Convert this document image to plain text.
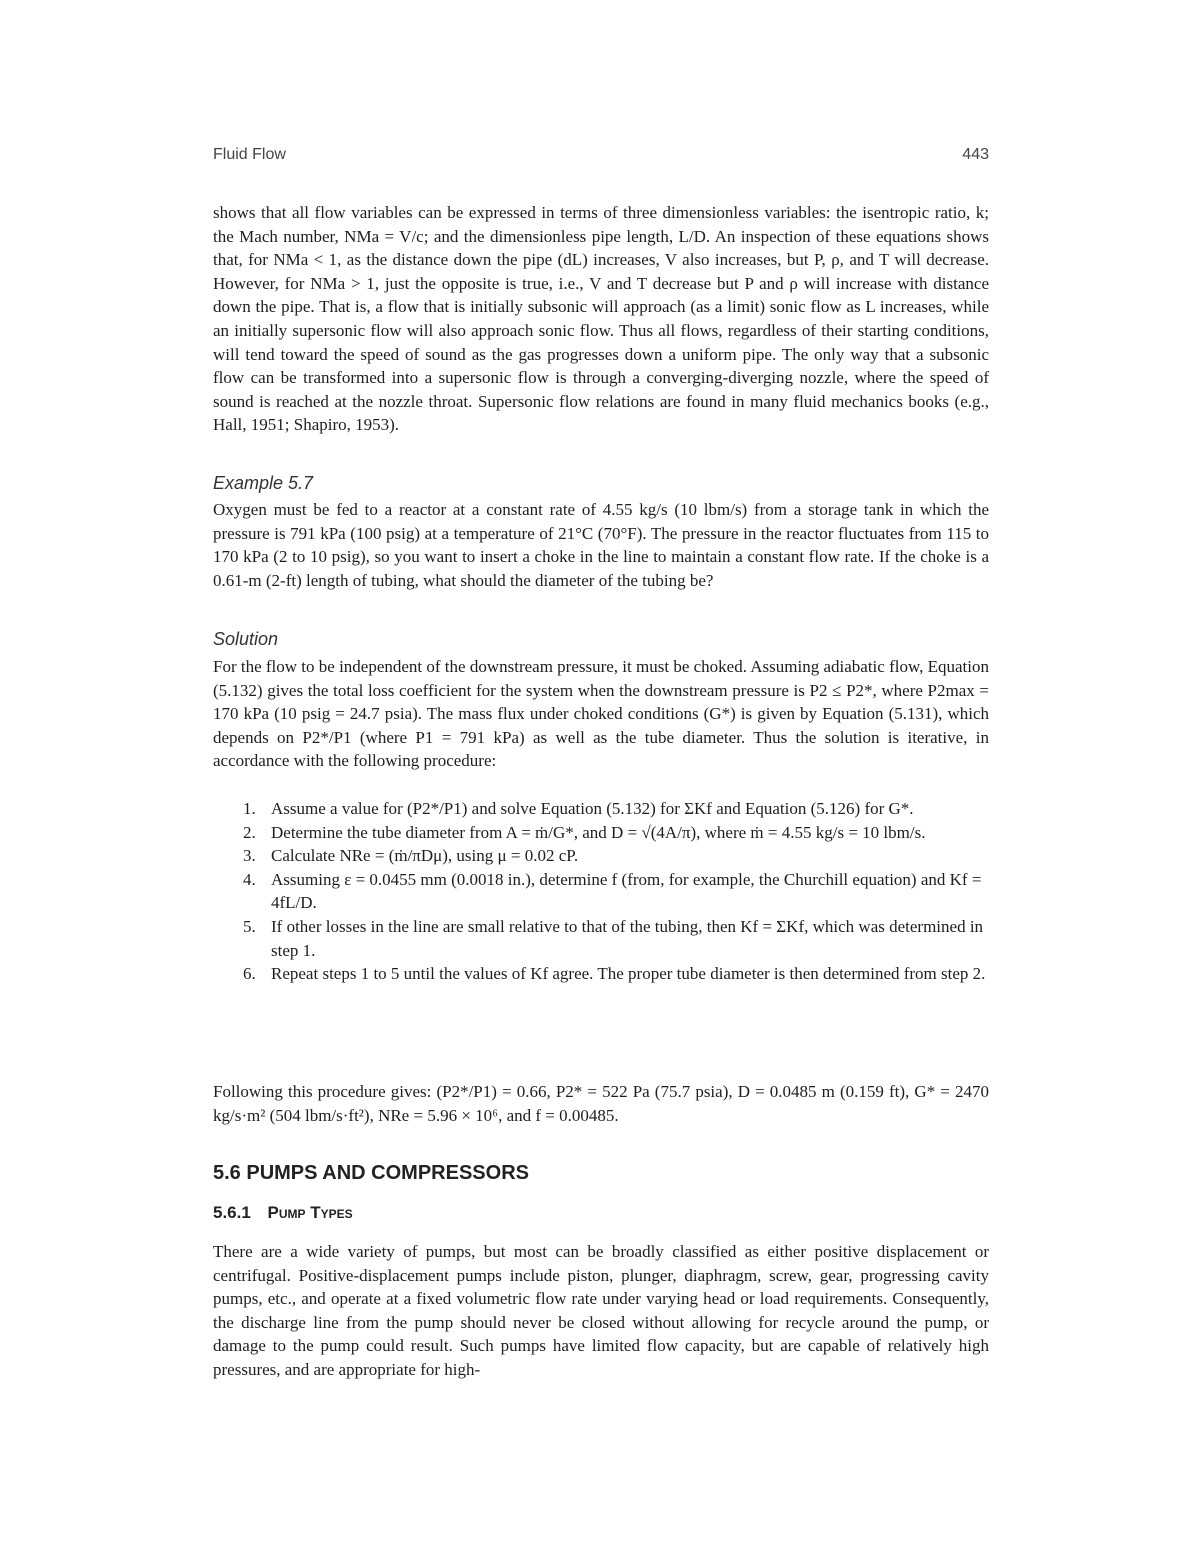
Fluid Flow	443

shows that all flow variables can be expressed in terms of three dimensionless variables: the isentropic ratio, k; the Mach number, NMa = V/c; and the dimensionless pipe length, L/D. An inspection of these equations shows that, for NMa < 1, as the distance down the pipe (dL) increases, V also increases, but P, ρ, and T will decrease. However, for NMa > 1, just the opposite is true, i.e., V and T decrease but P and ρ will increase with distance down the pipe. That is, a flow that is initially subsonic will approach (as a limit) sonic flow as L increases, while an initially supersonic flow will also approach sonic flow. Thus all flows, regardless of their starting conditions, will tend toward the speed of sound as the gas progresses down a uniform pipe. The only way that a subsonic flow can be transformed into a supersonic flow is through a converging-diverging nozzle, where the speed of sound is reached at the nozzle throat. Supersonic flow relations are found in many fluid mechanics books (e.g., Hall, 1951; Shapiro, 1953).

Example 5.7

Oxygen must be fed to a reactor at a constant rate of 4.55 kg/s (10 lbm/s) from a storage tank in which the pressure is 791 kPa (100 psig) at a temperature of 21°C (70°F). The pressure in the reactor fluctuates from 115 to 170 kPa (2 to 10 psig), so you want to insert a choke in the line to maintain a constant flow rate. If the choke is a 0.61-m (2-ft) length of tubing, what should the diameter of the tubing be?

Solution

For the flow to be independent of the downstream pressure, it must be choked. Assuming adiabatic flow, Equation (5.132) gives the total loss coefficient for the system when the downstream pressure is P2 ≤ P2*, where P2max = 170 kPa (10 psig = 24.7 psia). The mass flux under choked conditions (G*) is given by Equation (5.131), which depends on P2*/P1 (where P1 = 791 kPa) as well as the tube diameter. Thus the solution is iterative, in accordance with the following procedure:

1. Assume a value for (P2*/P1) and solve Equation (5.132) for ΣKf and Equation (5.126) for G*.
2. Determine the tube diameter from A = ṁ/G*, and D = √(4A/π), where ṁ = 4.55 kg/s = 10 lbm/s.
3. Calculate NRe = (ṁ/πDμ), using μ = 0.02 cP.
4. Assuming ε = 0.0455 mm (0.0018 in.), determine f (from, for example, the Churchill equation) and Kf = 4fL/D.
5. If other losses in the line are small relative to that of the tubing, then Kf = ΣKf, which was determined in step 1.
6. Repeat steps 1 to 5 until the values of Kf agree. The proper tube diameter is then determined from step 2.

Following this procedure gives: (P2*/P1) = 0.66, P2* = 522 Pa (75.7 psia), D = 0.0485 m (0.159 ft), G* = 2470 kg/s·m² (504 lbm/s·ft²), NRe = 5.96 × 10⁶, and f = 0.00485.

5.6 PUMPS AND COMPRESSORS
5.6.1 Pump Types

There are a wide variety of pumps, but most can be broadly classified as either positive displacement or centrifugal. Positive-displacement pumps include piston, plunger, diaphragm, screw, gear, progressing cavity pumps, etc., and operate at a fixed volumetric flow rate under varying head or load requirements. Consequently, the discharge line from the pump should never be closed without allowing for recycle around the pump, or damage to the pump could result. Such pumps have limited flow capacity, but are capable of relatively high pressures, and are appropriate for high-
